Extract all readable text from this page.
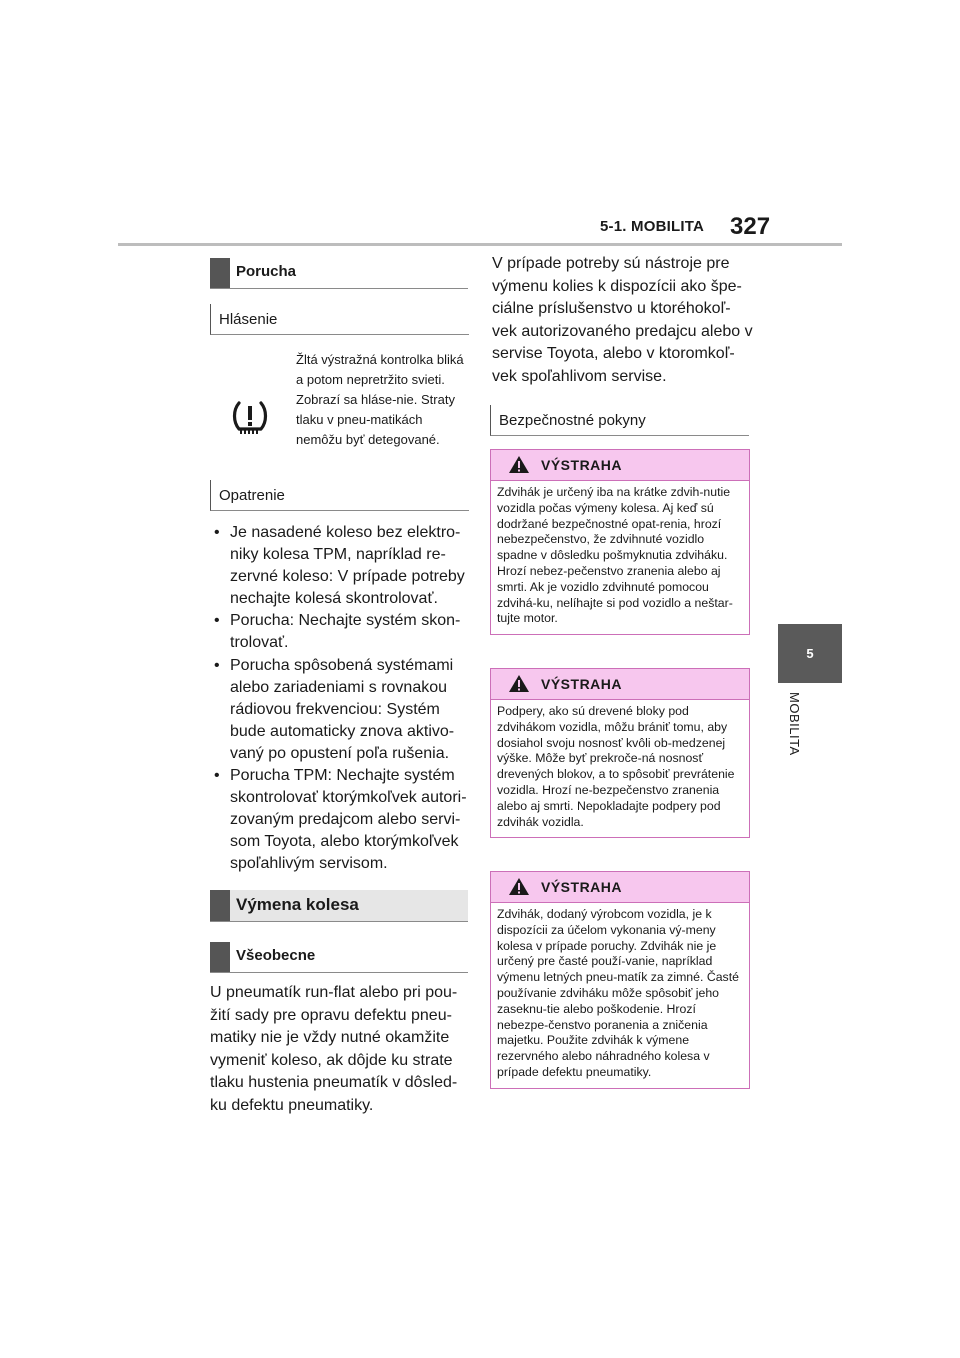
5-1. MOBILITA 327
5
MOBILITA
Porucha
Hlásenie
Žltá výstražná kontrolka bliká a potom nepretržito svieti. Zobrazí sa hláse-nie. Straty tlaku v pneu-matikách nemôžu byť detegované.
Opatrenie
• Je nasadené koleso bez elektro-niky kolesa TPM, napríklad re-zervné koleso: V prípade potreby nechajte kolesá skontrolovať.
• Porucha: Nechajte systém skon-trolovať.
• Porucha spôsobená systémami alebo zariadeniami s rovnakou rádiovou frekvenciou: Systém bude automaticky znova aktivo-vaný po opustení poľa rušenia.
• Porucha TPM: Nechajte systém skontrolovať ktorýmkoľvek autori-zovaným predajcom alebo servi-som Toyota, alebo ktorýmkoľvek spoľahlivým servisom.
Výmena kolesa
Všeobecne

U pneumatík run-flat alebo pri pou-žití sady pre opravu defektu pneu-matiky nie je vždy nutné okamžite vymeniť koleso, ak dôjde ku strate tlaku hustenia pneumatík v dôsled-ku defektu pneumatiky.

V prípade potreby sú nástroje pre výmenu kolies k dispozícii ako špe-ciálne príslušenstvo u ktoréhokoľ-vek autorizovaného predajcu alebo v servise Toyota, alebo v ktoromkoľ-vek spoľahlivom servise.

Bezpečnostné pokyny
VÝSTRAHA
Zdvihák je určený iba na krátke zdvih-nutie vozidla počas výmeny kolesa. Aj keď sú dodržané bezpečnostné opat-renia, hrozí nebezpečenstvo, že zdvihnuté vozidlo spadne v dôsledku pošmyknutia zdviháku. Hrozí nebez-pečenstvo zranenia alebo aj smrti. Ak je vozidlo zdvihnuté pomocou zdvihá-ku, nelíhajte si pod vozidlo a neštar-tujte motor.
VÝSTRAHA
Podpery, ako sú drevené bloky pod zdvihákom vozidla, môžu brániť tomu, aby dosiahol svoju nosnosť kvôli ob-medzenej výške. Môže byť prekroče-ná nosnosť drevených blokov, a to spôsobiť prevrátenie vozidla. Hrozí ne-bezpečenstvo zranenia alebo aj smrti. Nepokladajte podpery pod zdvihák vozidla.
VÝSTRAHA
Zdvihák, dodaný výrobcom vozidla, je k dispozícii za účelom vykonania vý-meny kolesa v prípade poruchy. Zdvihák nie je určený pre časté použí-vanie, napríklad výmenu letných pneu-matík za zimné. Časté používanie zdviháku môže spôsobiť jeho zaseknu-tie alebo poškodenie. Hrozí nebezpe-čenstvo poranenia a zničenia majetku. Použite zdvihák k výmene rezervného alebo náhradného kolesa v prípade defektu pneumatiky.
